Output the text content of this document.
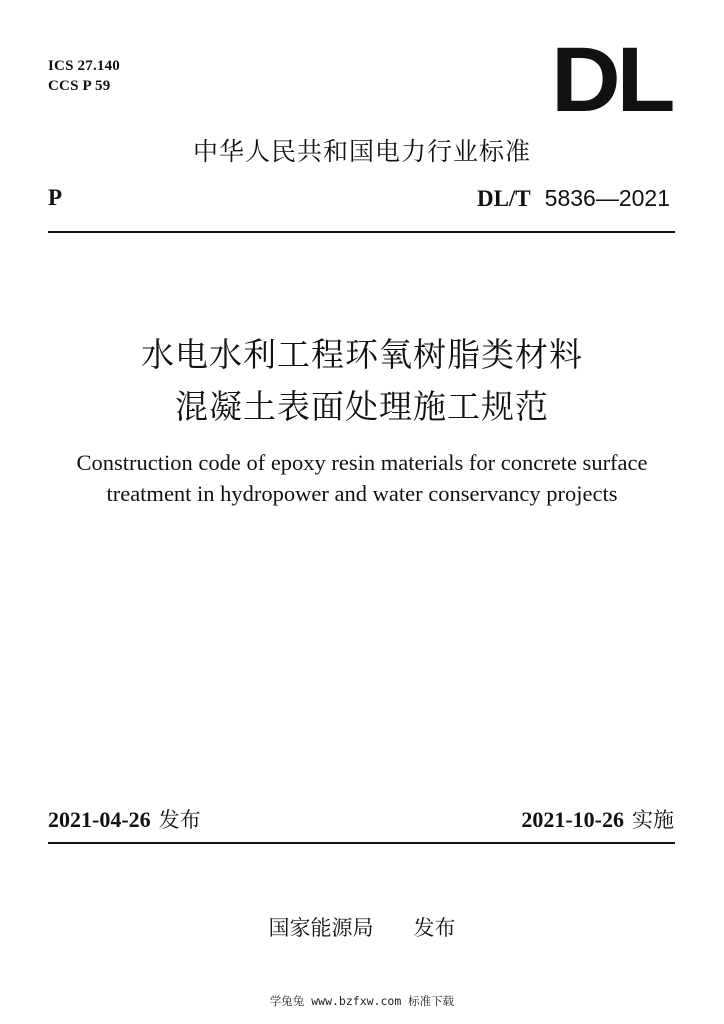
ICS 27.140
CCS P 59	DL
中华人民共和国电力行业标准
P	DL/T 5836—2021
水电水利工程环氧树脂类材料
混凝土表面处理施工规范
Construction code of epoxy resin materials for concrete surface
treatment in hydropower and water conservancy projects
2021-04-26 发布	2021-10-26 实施
国家能源局 发布
学兔兔 www.bzfxw.com 标准下载
